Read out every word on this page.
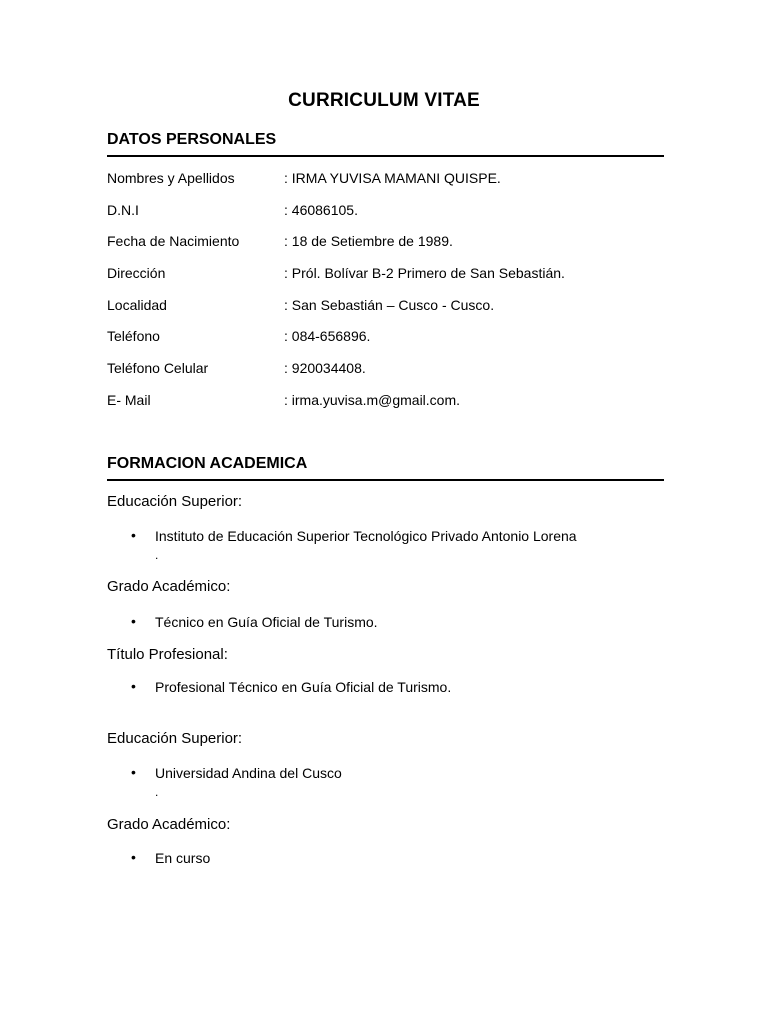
CURRICULUM VITAE
DATOS PERSONALES
Nombres y Apellidos	: IRMA YUVISA MAMANI QUISPE.
D.N.I	: 46086105.
Fecha de Nacimiento	: 18 de Setiembre de 1989.
Dirección	: Pról. Bolívar B-2 Primero de San Sebastián.
Localidad	: San Sebastián – Cusco - Cusco.
Teléfono	: 084-656896.
Teléfono Celular	: 920034408.
E- Mail	: irma.yuvisa.m@gmail.com.
FORMACION ACADEMICA
Educación Superior:
• Instituto de Educación Superior Tecnológico Privado Antonio Lorena
.
Grado Académico:
• Técnico en Guía Oficial de Turismo.
Título Profesional:
• Profesional Técnico en Guía Oficial de Turismo.
Educación Superior:
• Universidad Andina del Cusco
.
Grado Académico:
• En curso
